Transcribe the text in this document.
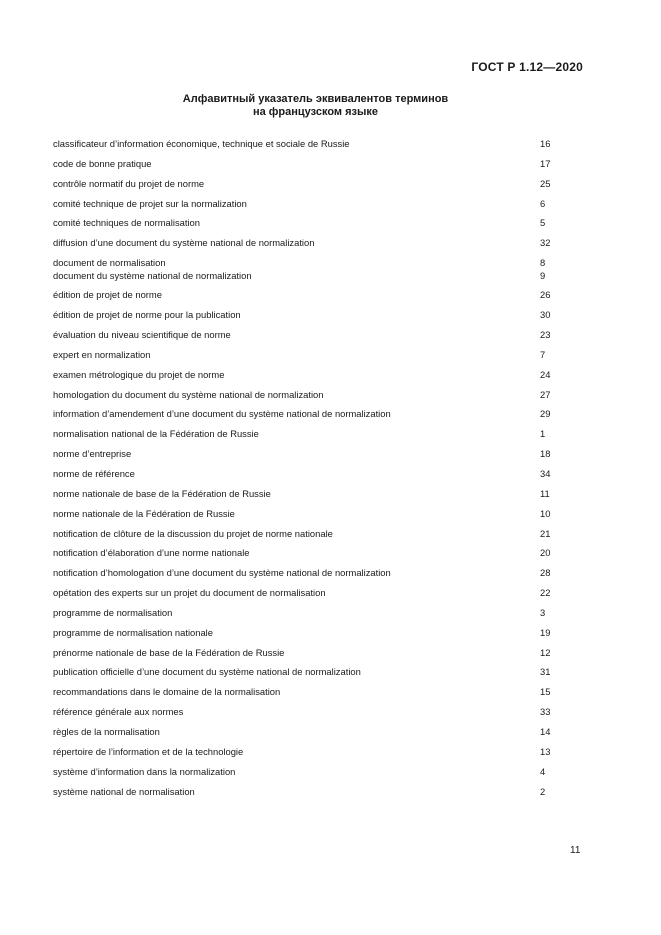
ГОСТ Р 1.12—2020
Алфавитный указатель эквивалентов терминов
на французском языке
classificateur d’information économique, technique et sociale de Russie	16
code de bonne pratique	17
contrôle normatif du projet de norme	25
comité technique de projet sur la normalization	6
comité techniques de normalisation	5
diffusion d’une document du système national de normalization	32
document de normalisation	8
document du système national de normalization	9
édition de projet de norme	26
édition de projet de norme pour la publication	30
évaluation du niveau scientifique de norme	23
expert en normalization	7
examen métrologique du projet de norme	24
homologation du document du système national de normalization	27
information d’amendement d’une document du système national de normalization	29
normalisation national de la Fédération de Russie	1
norme d’entreprise	18
norme de référence	34
norme nationale de base de la Fédération de Russie	11
norme nationale de la Fédération de Russie	10
notification de clôture de la discussion du projet de norme nationale	21
notification d’élaboration d’une norme nationale	20
notification d’homologation d’une document du système national de normalization	28
opétation des experts sur un projet du document de normalisation	22
programme de normalisation	3
programme de normalisation nationale	19
prénorme nationale de base de la Fédération de Russie	12
publication officielle d’une document du système national de normalization	31
recommandations dans le domaine de la normalisation	15
référence générale aux normes	33
règles de la normalisation	14
répertoire de l’information et de la technologie	13
système d’information dans la normalization	4
système national de normalisation	2
11
